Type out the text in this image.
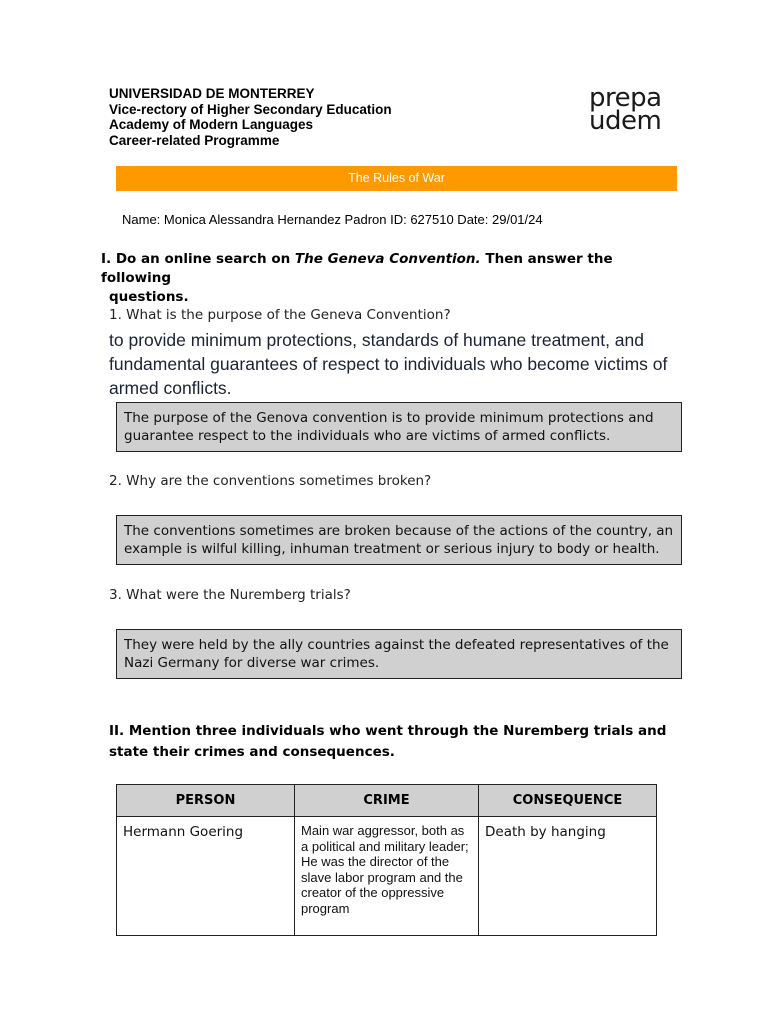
UNIVERSIDAD DE MONTERREY
Vice-rectory of Higher Secondary Education
Academy of Modern Languages
Career-related Programme
prepa
udem
The Rules of War
Name: Monica Alessandra Hernandez Padron ID: 627510 Date: 29/01/24
I. Do an online search on The Geneva Convention. Then answer the following
questions.
1. What is the purpose of the Geneva Convention?
to provide minimum protections, standards of humane treatment, and fundamental guarantees of respect to individuals who become victims of armed conflicts.
The purpose of the Genova convention is to provide minimum protections and guarantee respect to the individuals who are victims of armed conflicts.
2. Why are the conventions sometimes broken?
The conventions sometimes are broken because of the actions of the country, an example is wilful killing, inhuman treatment or serious injury to body or health.
3. What were the Nuremberg trials?
They were held by the ally countries against the defeated representatives of the Nazi Germany for diverse war crimes.
II. Mention three individuals who went through the Nuremberg trials and state their crimes and consequences.
PERSON	CRIME	CONSEQUENCE
Hermann Goering	Main war aggressor, both as a political and military leader; He was the director of the slave labor program and the creator of the oppressive program	Death by hanging
